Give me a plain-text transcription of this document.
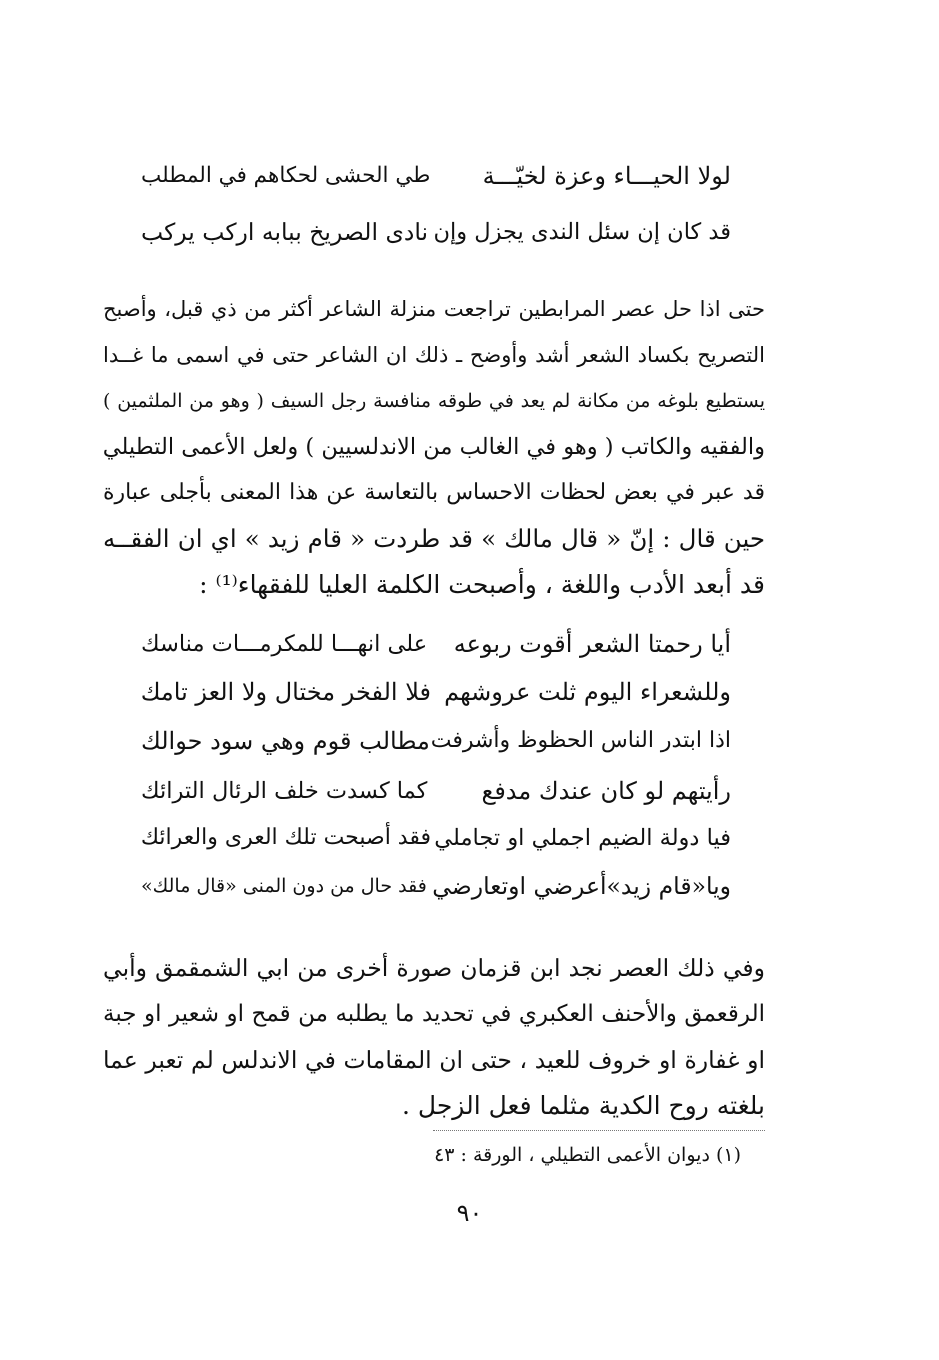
لولا الحيـــاء وعزة لخيّـــة
طي الحشى لحكاهم في المطلب
قد كان إن سئل الندى يجزل وإن
نادى الصريخ ببابه اركب يركب
حتى اذا حل عصر المرابطين تراجعت منزلة الشاعر أكثر من ذي قبل، وأصبح
التصريح بكساد الشعر أشد وأوضح ـ ذلك ان الشاعر حتى في اسمى ما غــدا
يستطيع بلوغه من مكانة لم يعد في طوقه منافسة رجل السيف ( وهو من الملثمين )
والفقيه والكاتب ( وهو في الغالب من الاندلسيين ) ولعل الأعمى التطيلي
قد عبر في بعض لحظات الاحساس بالتعاسة عن هذا المعنى بأجلى عبارة
حين قال : إنّ « قال مالك » قد طردت « قام زيد » اي ان الفقــه
قد أبعد الأدب واللغة ، وأصبحت الكلمة العليا للفقهاء⁽¹⁾ :
أيا رحمتا الشعر أقوت ربوعه
على انهـــا للمكرمـــات مناسك
وللشعراء اليوم ثلت عروشهم
فلا الفخر مختال ولا العز تامك
اذا ابتدر الناس الحظوظ وأشرفت
مطالب قوم وهي سود حوالك
رأيتهم لو كان عندك مدفع
كما كسدت خلف الرئال الترائك
فيا دولة الضيم اجملي او تجاملي
فقد أصبحت تلك العرى والعرائك
ويا«قام زيد»أعرضي اوتعارضي
فقد حال من دون المنى «قال مالك»
وفي ذلك العصر نجد ابن قزمان صورة أخرى من ابي الشمقمق وأبي
الرقعمق والأحنف العكبري في تحديد ما يطلبه من قمح او شعير او جبة
او غفارة او خروف للعيد ، حتى ان المقامات في الاندلس لم تعبر عما
بلغته روح الكدية مثلما فعل الزجل .
(١) ديوان الأعمى التطيلي ، الورقة : ٤٣
٩٠
